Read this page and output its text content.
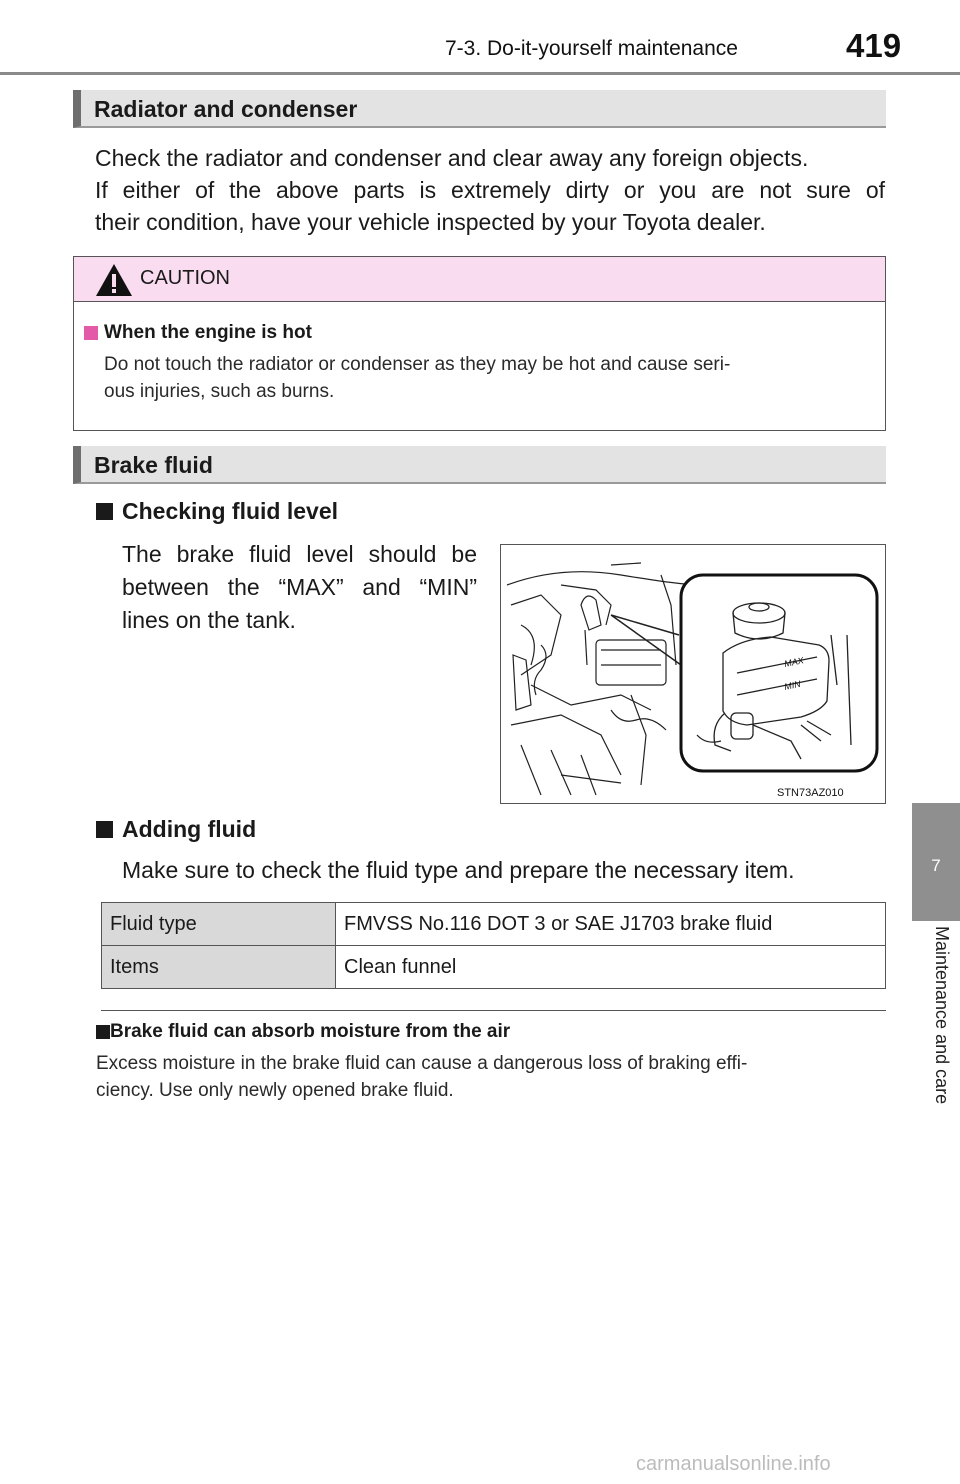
7-3. Do-it-yourself maintenance	419
7
Maintenance and care
Radiator and condenser
Check the radiator and condenser and clear away any foreign objects.
If either of the above parts is extremely dirty or you are not sure of
their condition, have your vehicle inspected by your Toyota dealer.
CAUTION
When the engine is hot
Do not touch the radiator or condenser as they may be hot and cause seri-
ous injuries, such as burns.
Brake fluid
Checking fluid level
The brake fluid level should be
between the “MAX” and “MIN”
lines on the tank.
MAX
MIN
STN73AZ010
Adding fluid
Make sure to check the fluid type and prepare the necessary item.
Fluid type	FMVSS No.116 DOT 3 or SAE J1703 brake fluid
Items	Clean funnel
Brake fluid can absorb moisture from the air
Excess moisture in the brake fluid can cause a dangerous loss of braking effi-
ciency. Use only newly opened brake fluid.
carmanualsonline.info
